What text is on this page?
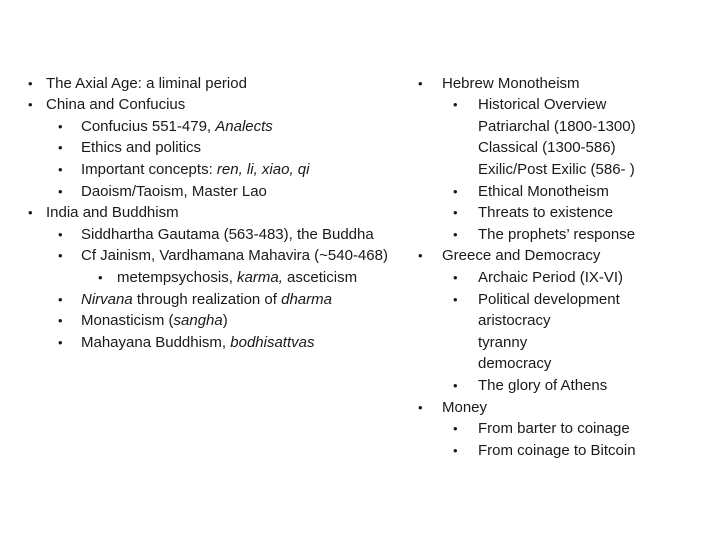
• The Axial Age: a liminal period
• China and Confucius
• Confucius 551-479, Analects
• Ethics and politics
• Important concepts: ren, li, xiao, qi
• Daoism/Taoism, Master Lao
• India and Buddhism
• Siddhartha Gautama (563-483), the Buddha
• Cf Jainism, Vardhamana Mahavira (~540-468)
• metempsychosis, karma, asceticism
• Nirvana through realization of dharma
• Monasticism (sangha)
• Mahayana Buddhism, bodhisattvas
• Hebrew Monotheism
• Historical Overview
Patriarchal (1800-1300)
Classical (1300-586)
Exilic/Post Exilic (586- )
• Ethical Monotheism
• Threats to existence
• The prophets’ response
• Greece and Democracy
• Archaic Period (IX-VI)
• Political development
aristocracy
tyranny
democracy
• The glory of Athens
• Money
• From barter to coinage
• From coinage to Bitcoin
